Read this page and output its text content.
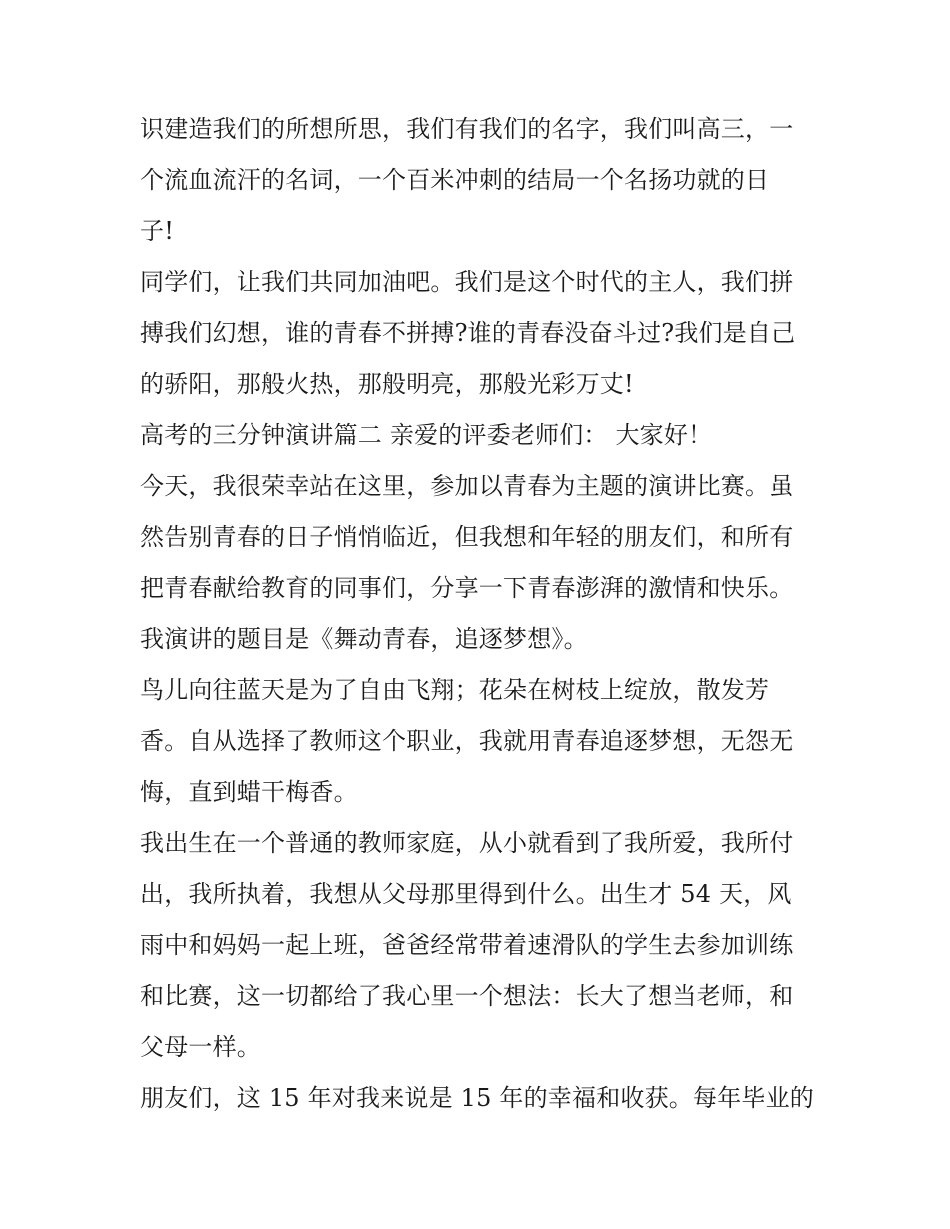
识建造我们的所想所思，我们有我们的名字，我们叫高三，一
个流血流汗的名词，一个百米冲刺的结局一个名扬功就的日
子!
同学们，让我们共同加油吧。我们是这个时代的主人，我们拼
搏我们幻想，谁的青春不拼搏?谁的青春没奋斗过?我们是自己
的骄阳，那般火热，那般明亮，那般光彩万丈!
高考的三分钟演讲篇二 亲爱的评委老师们： 大家好！
今天，我很荣幸站在这里，参加以青春为主题的演讲比赛。虽
然告别青春的日子悄悄临近，但我想和年轻的朋友们，和所有
把青春献给教育的同事们，分享一下青春澎湃的激情和快乐。
我演讲的题目是《舞动青春，追逐梦想》。
鸟儿向往蓝天是为了自由飞翔；花朵在树枝上绽放，散发芳
香。自从选择了教师这个职业，我就用青春追逐梦想，无怨无
悔，直到蜡干梅香。
我出生在一个普通的教师家庭，从小就看到了我所爱，我所付
出，我所执着，我想从父母那里得到什么。出生才 54 天，风
雨中和妈妈一起上班，爸爸经常带着速滑队的学生去参加训练
和比赛，这一切都给了我心里一个想法：长大了想当老师，和
父母一样。
朋友们，这 15 年对我来说是 15 年的幸福和收获。每年毕业的
